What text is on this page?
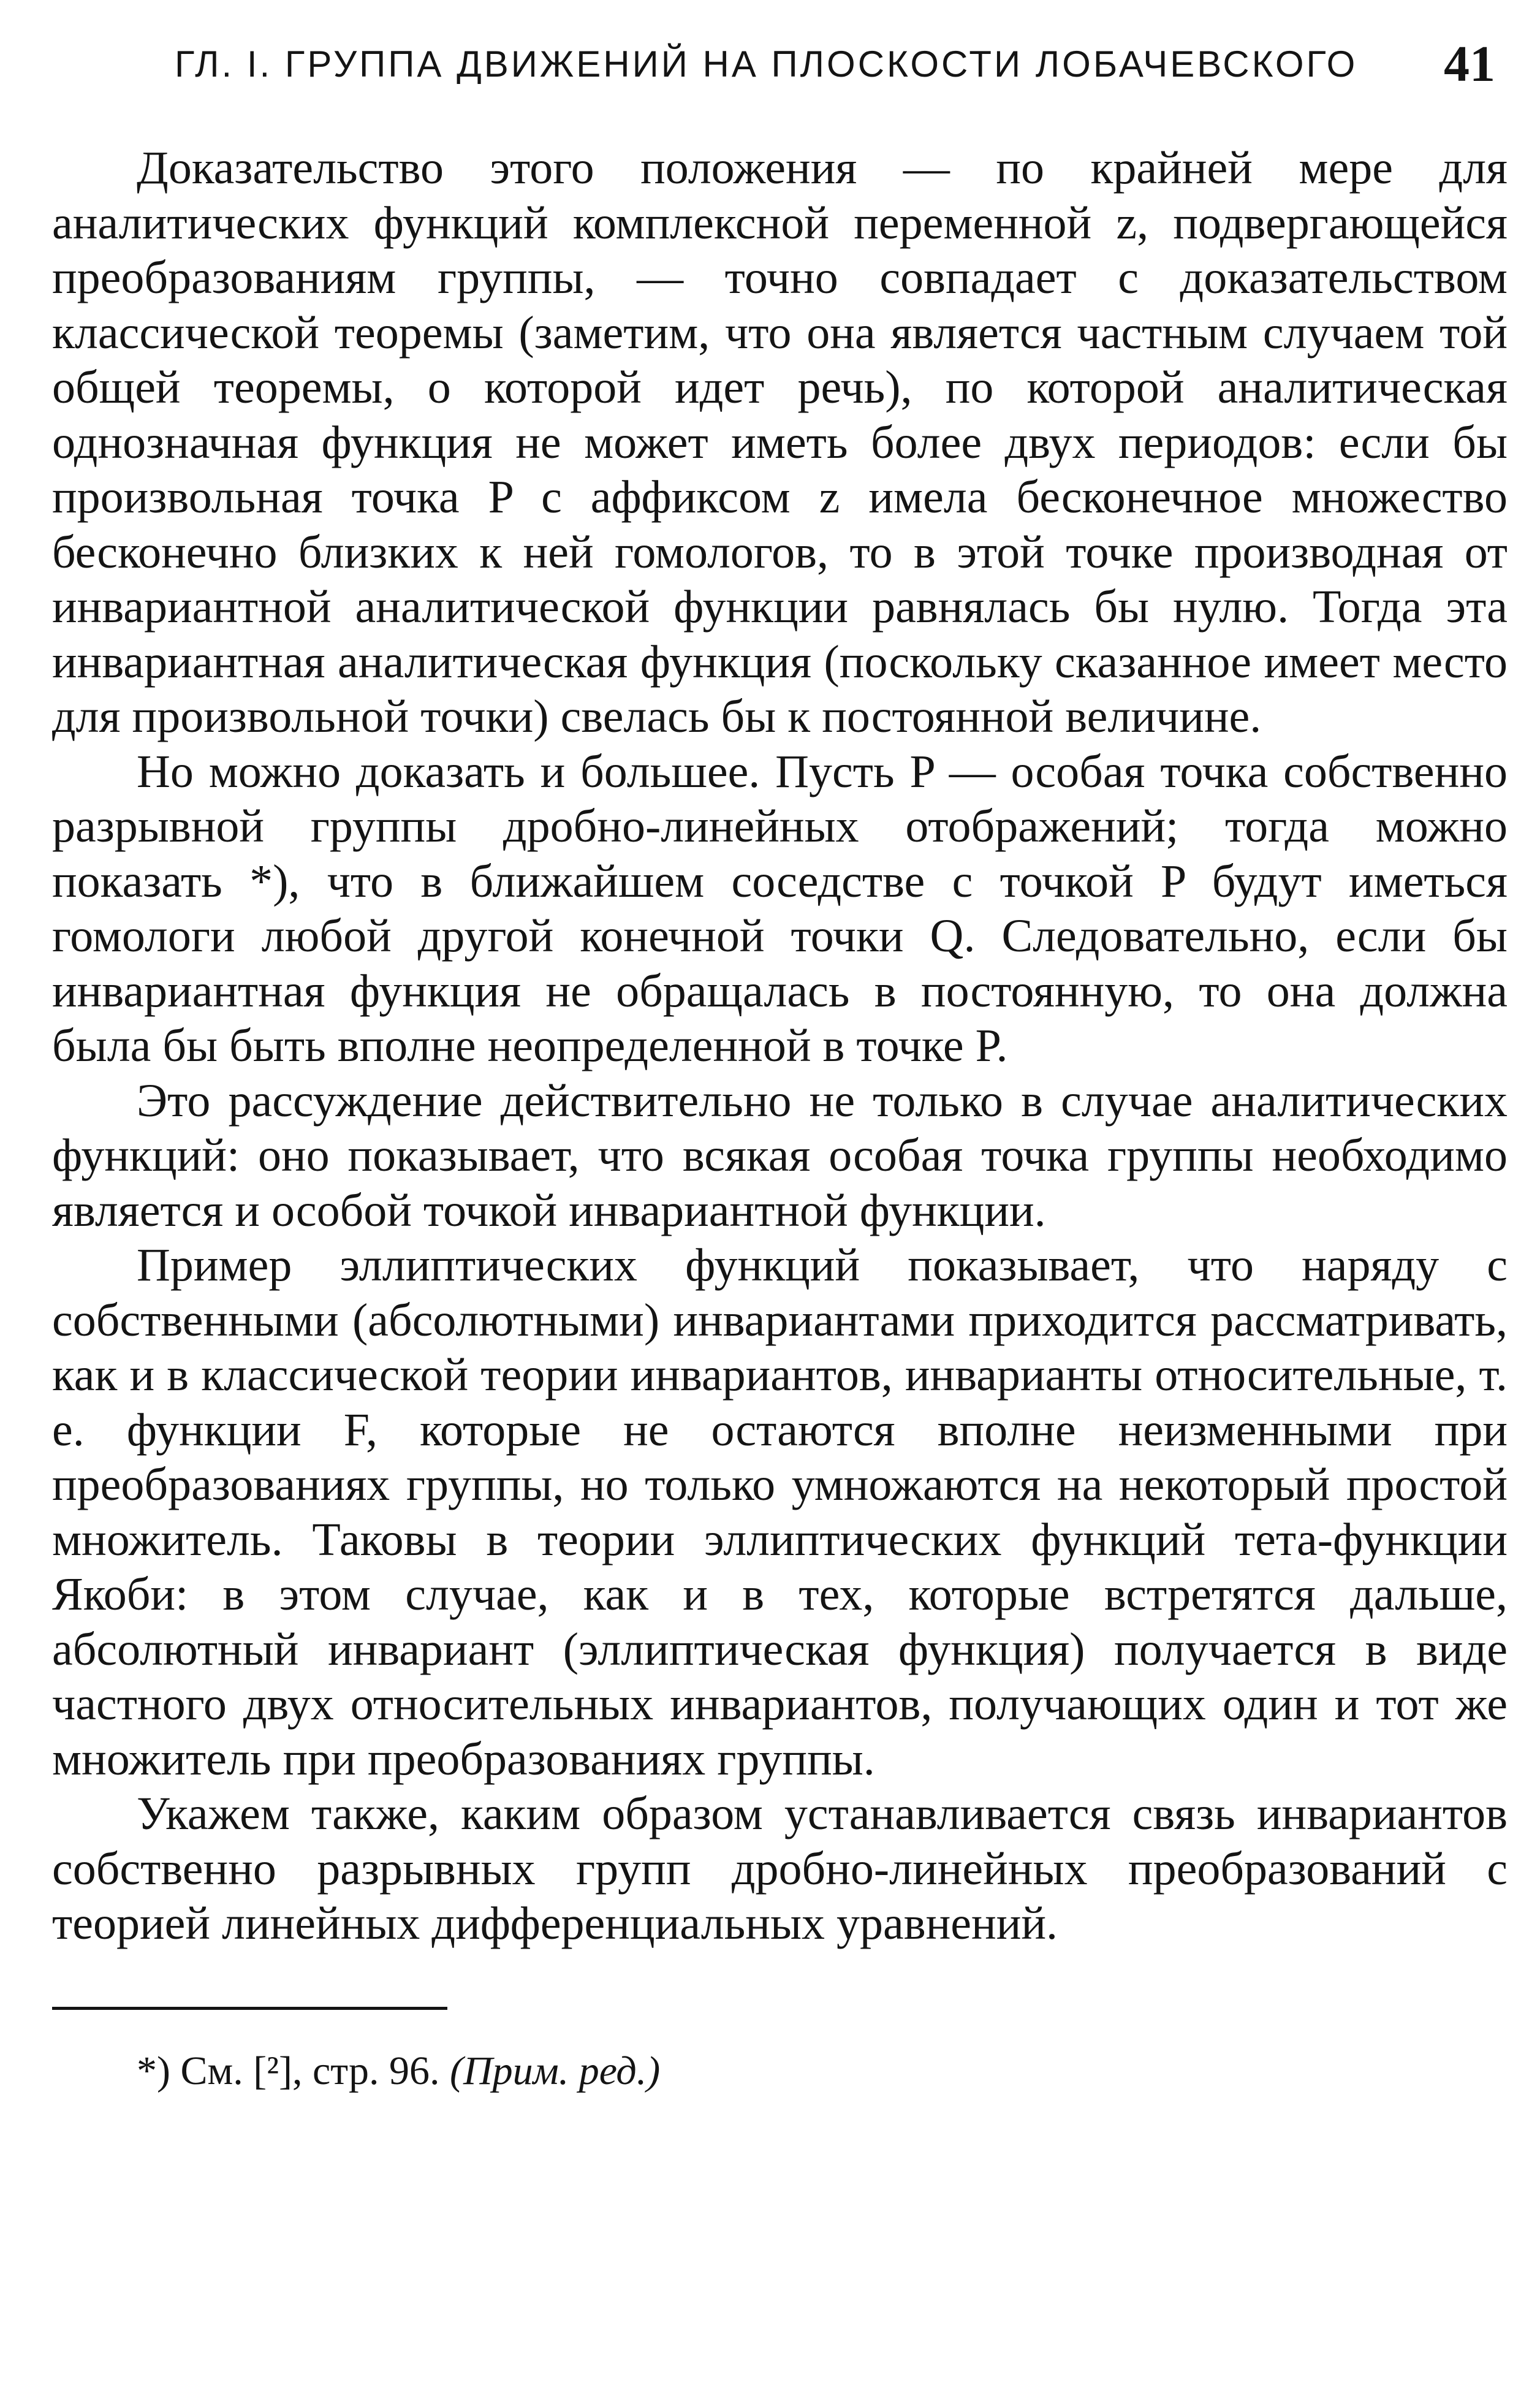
ГЛ. I. ГРУППА ДВИЖЕНИЙ НА ПЛОСКОСТИ ЛОБАЧЕВСКОГО 41

Доказательство этого положения — по крайней мере для аналитических функций комплексной переменной z, подвергающейся преобразованиям группы, — точно совпадает с доказательством классической теоремы (заметим, что она является частным случаем той общей теоремы, о которой идет речь), по которой аналитическая однозначная функция не может иметь более двух периодов: если бы произвольная точка P с аффиксом z имела бесконечное множество бесконечно близких к ней гомологов, то в этой точке производная от инвариантной аналитической функции равнялась бы нулю. Тогда эта инвариантная аналитическая функция (поскольку сказанное имеет место для произвольной точки) свелась бы к постоянной величине.

Но можно доказать и большее. Пусть P — особая точка собственно разрывной группы дробно-линейных отображений; тогда можно показать *), что в ближайшем соседстве с точкой P будут иметься гомологи любой другой конечной точки Q. Следовательно, если бы инвариантная функция не обращалась в постоянную, то она должна была бы быть вполне неопределенной в точке P.

Это рассуждение действительно не только в случае аналитических функций: оно показывает, что всякая особая точка группы необходимо является и особой точкой инвариантной функции.

Пример эллиптических функций показывает, что наряду с собственными (абсолютными) инвариантами приходится рассматривать, как и в классической теории инвариантов, инварианты относительные, т. е. функции F, которые не остаются вполне неизменными при преобразованиях группы, но только умножаются на некоторый простой множитель. Таковы в теории эллиптических функций тета-функции Якоби: в этом случае, как и в тех, которые встретятся дальше, абсолютный инвариант (эллиптическая функция) получается в виде частного двух относительных инвариантов, получающих один и тот же множитель при преобразованиях группы.

Укажем также, каким образом устанавливается связь инвариантов собственно разрывных групп дробно-линейных преобразований с теорией линейных дифференциальных уравнений.

*) См. [²], стр. 96. (Прим. ред.)
